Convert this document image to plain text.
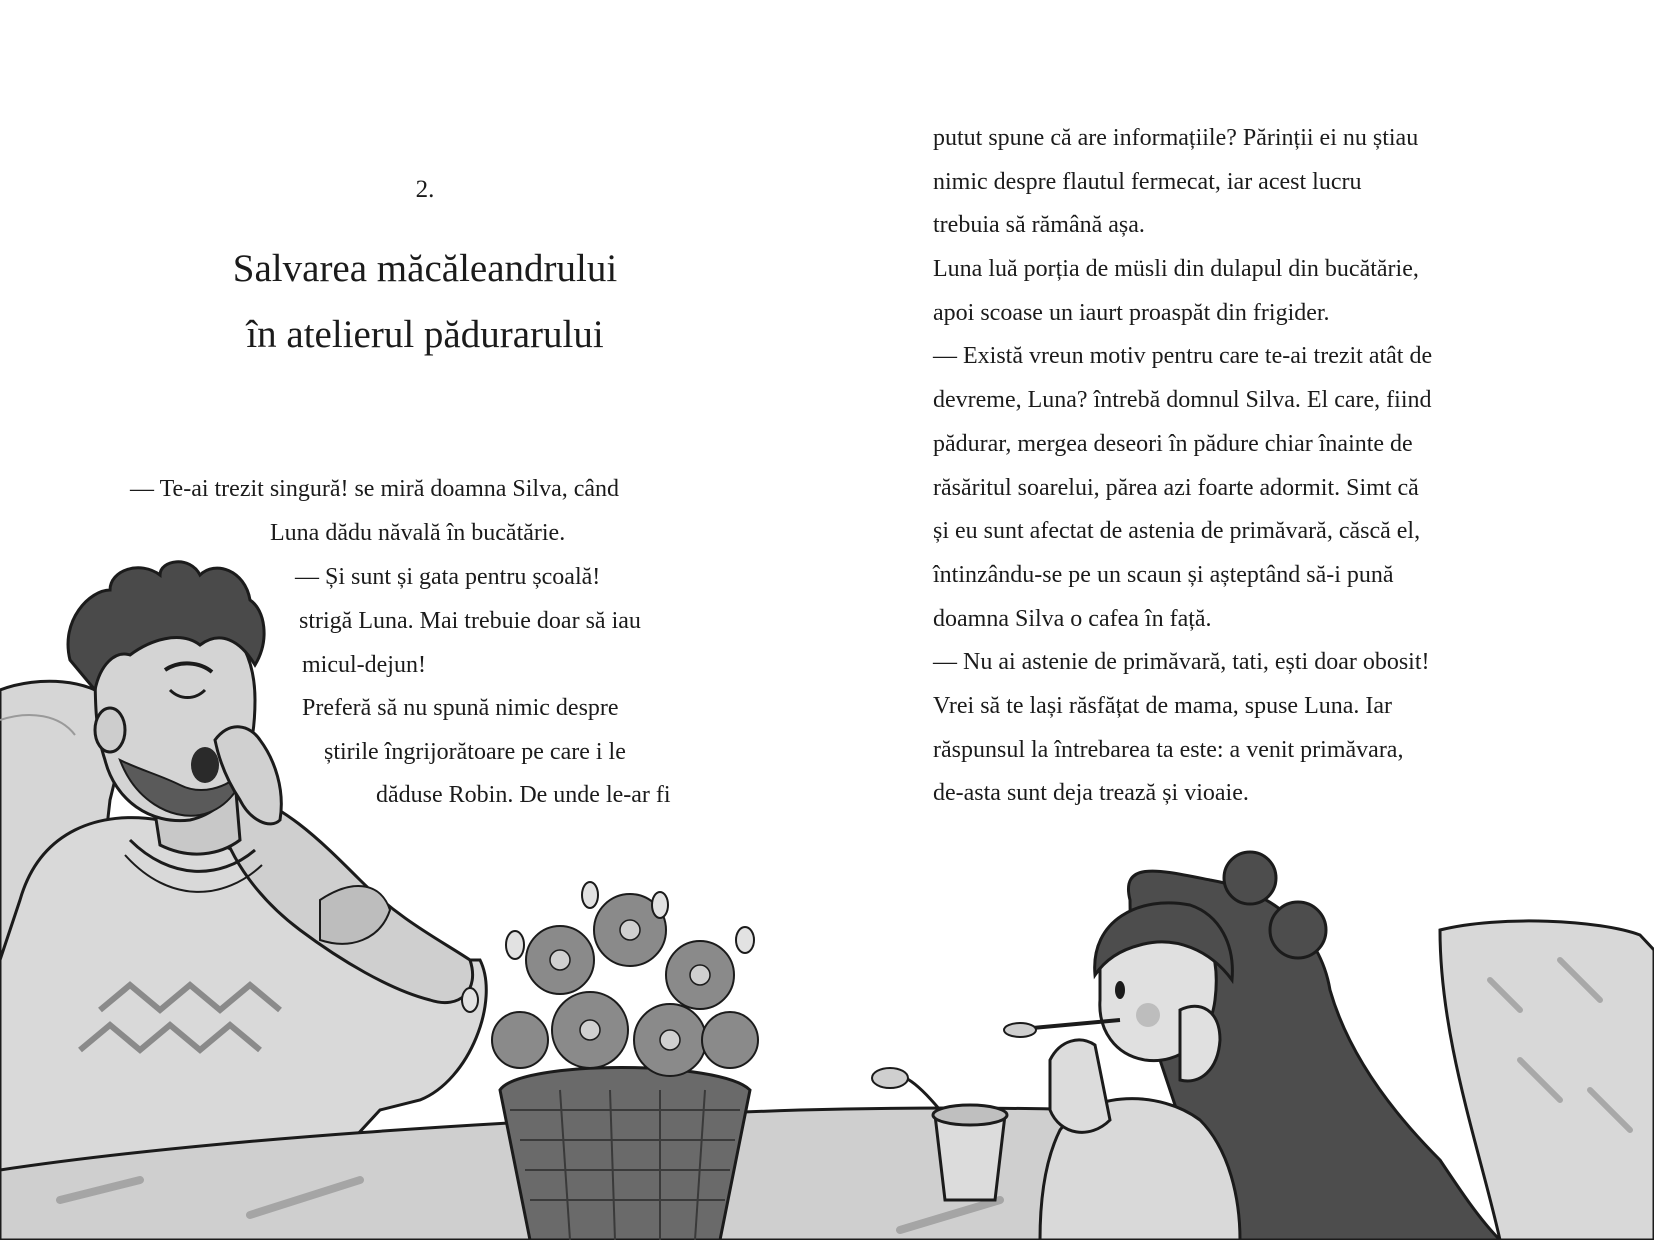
2.
Salvarea măcăleandrului
în atelierul pădurarului
— Te-ai trezit singură! se miră doamna Silva, când
Luna dădu năvală în bucătărie.
— Și sunt și gata pentru școală!
strigă Luna. Mai trebuie doar să iau
micul-dejun!
Preferă să nu spună nimic despre
știrile îngrijorătoare pe care i le
dăduse Robin. De unde le-ar fi
putut spune că are informațiile? Părinții ei nu știau
nimic despre flautul fermecat, iar acest lucru
trebuia să rămână așa.
Luna luă porția de müsli din dulapul din bucătărie,
apoi scoase un iaurt proaspăt din frigider.
— Există vreun motiv pentru care te-ai trezit atât de
devreme, Luna? întrebă domnul Silva. El care, fiind
pădurar, mergea deseori în pădure chiar înainte de
răsăritul soarelui, părea azi foarte adormit. Simt că
și eu sunt afectat de astenia de primăvară, căscă el,
întinzându-se pe un scaun și așteptând să-i pună
doamna Silva o cafea în față.
— Nu ai astenie de primăvară, tati, ești doar obosit!
Vrei să te lași răsfățat de mama, spuse Luna. Iar
răspunsul la întrebarea ta este: a venit primăvara,
de-asta sunt deja trează și vioaie.
